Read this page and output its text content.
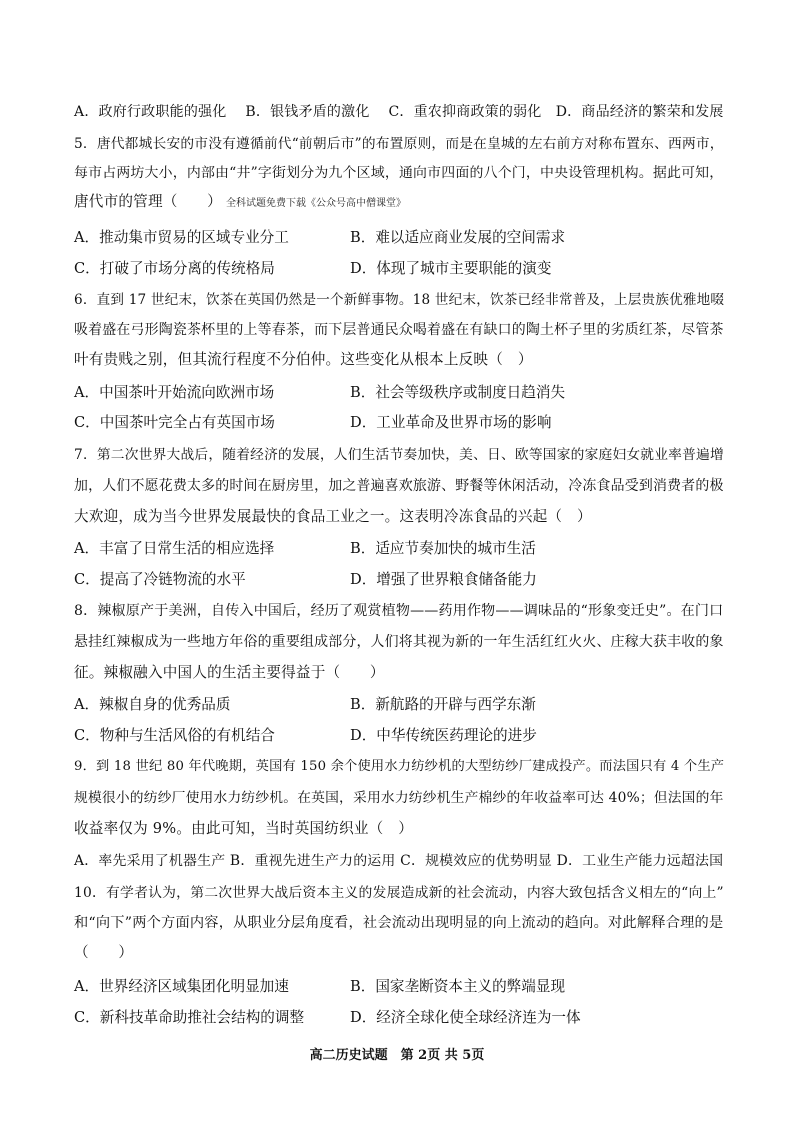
A．政府行政职能的强化　 B．银钱矛盾的激化　 C．重农抑商政策的弱化　D．商品经济的繁荣和发展
5．唐代都城长安的市没有遵循前代“前朝后市”的布置原则，而是在皇城的左右前方对称布置东、西两市，
每市占两坊大小，内部由“井”字街划分为九个区域，通向市四面的八个门，中央设管理机构。据此可知，
唐代市的管理（　　） 全科试题免费下载《公众号高中僧课堂》
A．推动集市贸易的区域专业分工	B．难以适应商业发展的空间需求
C．打破了市场分离的传统格局	D．体现了城市主要职能的演变
6．直到 17 世纪末，饮茶在英国仍然是一个新鲜事物。18 世纪末，饮茶已经非常普及，上层贵族优雅地啜
吸着盛在弓形陶瓷茶杯里的上等春茶，而下层普通民众喝着盛在有缺口的陶土杯子里的劣质红茶，尽管茶
叶有贵贱之别，但其流行程度不分伯仲。这些变化从根本上反映（　）
A．中国茶叶开始流向欧洲市场	B．社会等级秩序或制度日趋消失
C．中国茶叶完全占有英国市场	D．工业革命及世界市场的影响
7．第二次世界大战后，随着经济的发展，人们生活节奏加快，美、日、欧等国家的家庭妇女就业率普遍增
加，人们不愿花费太多的时间在厨房里，加之普遍喜欢旅游、野餐等休闲活动，冷冻食品受到消费者的极
大欢迎，成为当今世界发展最快的食品工业之一。这表明冷冻食品的兴起（　）
A．丰富了日常生活的相应选择	B．适应节奏加快的城市生活
C．提高了冷链物流的水平	D．增强了世界粮食储备能力
8．辣椒原产于美洲，自传入中国后，经历了观赏植物——药用作物——调味品的“形象变迁史”。在门口
悬挂红辣椒成为一些地方年俗的重要组成部分，人们将其视为新的一年生活红红火火、庄稼大获丰收的象
征。辣椒融入中国人的生活主要得益于（　　）
A．辣椒自身的优秀品质	B．新航路的开辟与西学东渐
C．物种与生活风俗的有机结合	D．中华传统医药理论的进步
9．到 18 世纪 80 年代晚期，英国有 150 余个使用水力纺纱机的大型纺纱厂建成投产。而法国只有 4 个生产
规模很小的纺纱厂使用水力纺纱机。在英国，采用水力纺纱机生产棉纱的年收益率可达 40%；但法国的年
收益率仅为 9%。由此可知，当时英国纺织业（　）
A．率先采用了机器生产 B．重视先进生产力的运用 C．规模效应的优势明显 D．工业生产能力远超法国
10．有学者认为，第二次世界大战后资本主义的发展造成新的社会流动，内容大致包括含义相左的“向上”
和“向下”两个方面内容，从职业分层角度看，社会流动出现明显的向上流动的趋向。对此解释合理的是
（　　）
A．世界经济区域集团化明显加速	B．国家垄断资本主义的弊端显现
C．新科技革命助推社会结构的调整	D．经济全球化使全球经济连为一体
高二历史试题　第 2页 共 5页
